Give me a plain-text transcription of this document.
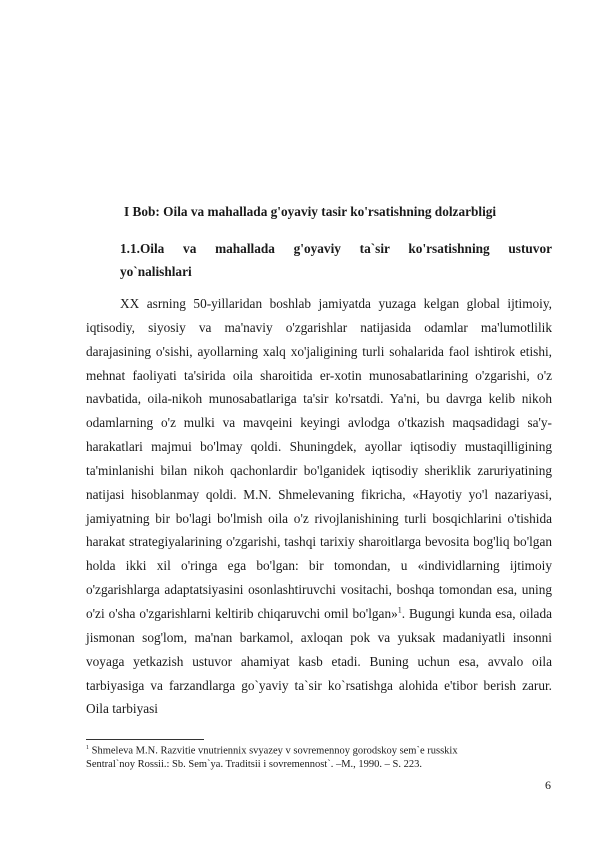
I Bob: Oila va mahallada g'oyaviy tasir ko'rsatishning dolzarbligi
1.1.Oila va mahallada g'oyaviy ta`sir ko'rsatishning ustuvor
yo`nalishlari

XX asrning 50-yillaridan boshlab jamiyatda yuzaga kelgan global ijtimoiy, iqtisodiy, siyosiy va ma'naviy o'zgarishlar natijasida odamlar ma'lumotlilik darajasining o'sishi, ayollarning xalq xo'jaligining turli sohalarida faol ishtirok etishi, mehnat faoliyati ta'sirida oila sharoitida er-xotin munosabatlarining o'zgarishi, o'z navbatida, oila-nikoh munosabatlariga ta'sir ko'rsatdi. Ya'ni, bu davrga kelib nikoh odamlarning o'z mulki va mavqeini keyingi avlodga o'tkazish maqsadidagi sa'y-harakatlari majmui bo'lmay qoldi. Shuningdek, ayollar iqtisodiy mustaqilligining ta'minlanishi bilan nikoh qachonlardir bo'lganidek iqtisodiy sheriklik zaruriyatining natijasi hisoblanmay qoldi. M.N. Shmelevaning fikricha, «Hayotiy yo'l nazariyasi, jamiyatning bir bo'lagi bo'lmish oila o'z rivojlanishining turli bosqichlarini o'tishida harakat strategiyalarining o'zgarishi, tashqi tarixiy sharoitlarga bevosita bog'liq bo'lgan holda ikki xil o'ringa ega bo'lgan: bir tomondan, u «individlarning ijtimoiy o'zgarishlarga adaptatsiyasini osonlashtiruvchi vositachi, boshqa tomondan esa, uning o'zi o'sha o'zgarishlarni keltirib chiqaruvchi omil bo'lgan»$^1$. Bugungi kunda esa, oilada jismonan sog'lom, ma'nan barkamol, axloqan pok va yuksak madaniyatli insonni voyaga yetkazish ustuvor ahamiyat kasb etadi. Buning uchun esa, avvalo oila tarbiyasiga va farzandlarga go`yaviy ta`sir ko`rsatishga alohida e'tibor berish zarur. Oila tarbiyasi

$^1$ Shmeleva M.N. Razvitie vnutriennix svyazey v sovremennoy gorodskoy sem`e russkix
Sentral`noy Rossii.: Sb. Sem`ya. Traditsii i sovremennost`. –M., 1990. – S. 223.

6
